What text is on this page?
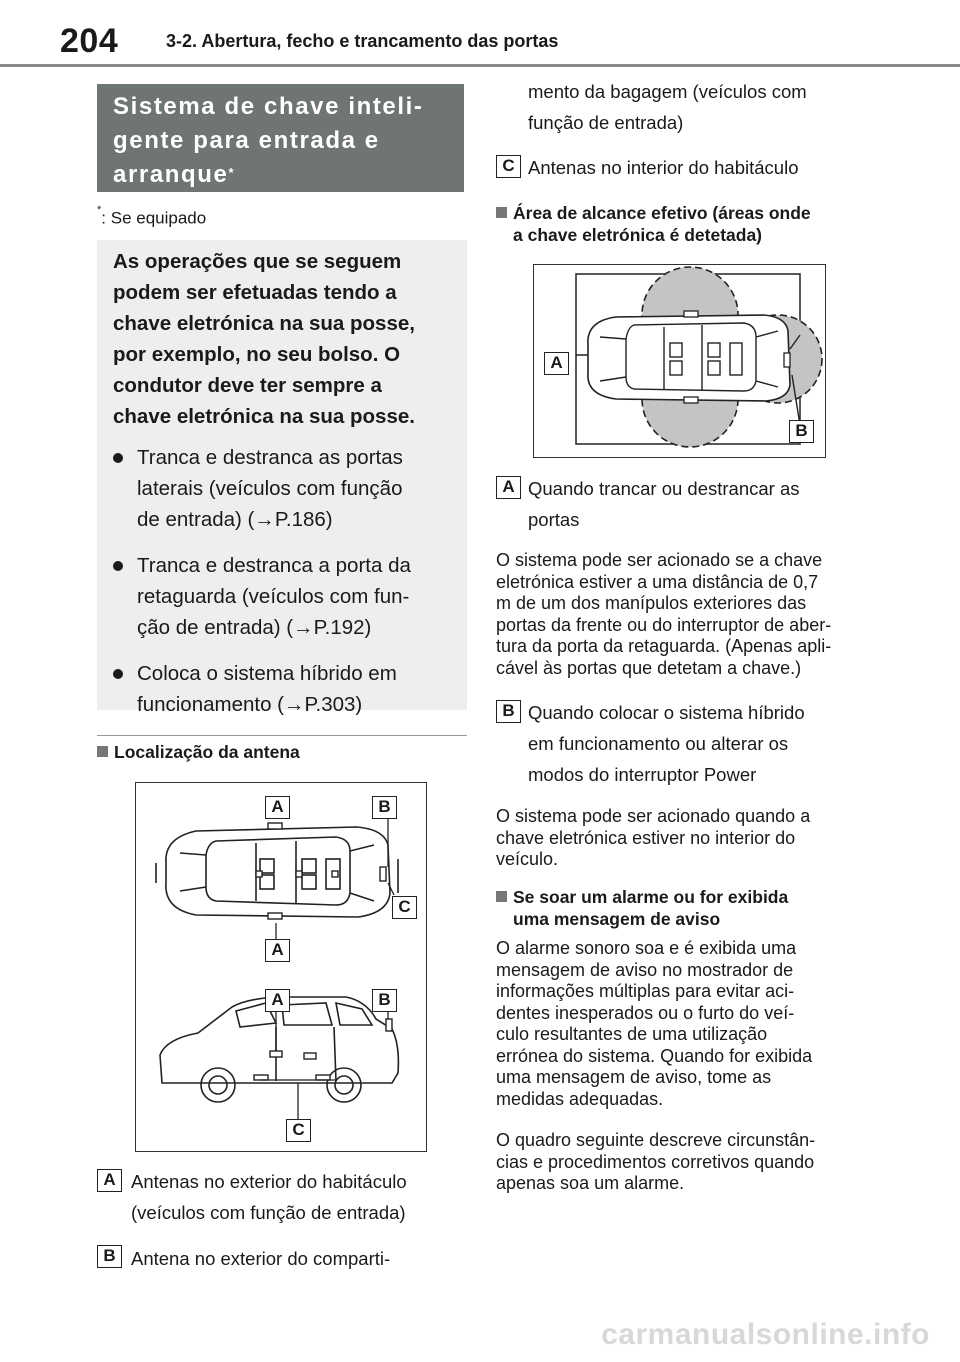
204	3-2. Abertura, fecho e trancamento das portas
Sistema de chave inteli-
gente para entrada e
arranque*
*: Se equipado
As operações que se seguem
podem ser efetuadas tendo a
chave eletrónica na sua posse,
por exemplo, no seu bolso. O
condutor deve ter sempre a
chave eletrónica na sua posse.
Tranca e destranca as portas
laterais (veículos com função
de entrada) (→P.186)
Tranca e destranca a porta da
retaguarda (veículos com fun-
ção de entrada) (→P.192)
Coloca o sistema híbrido em
funcionamento (→P.303)
Localização da antena
A	B
C
A
A	B
C
A Antenas no exterior do habitáculo
(veículos com função de entrada)
B Antena no exterior do comparti-
mento da bagagem (veículos com
função de entrada)
C Antenas no interior do habitáculo
Área de alcance efetivo (áreas onde
a chave eletrónica é detetada)
A
B
A Quando trancar ou destrancar as
portas
O sistema pode ser acionado se a chave
eletrónica estiver a uma distância de 0,7
m de um dos manípulos exteriores das
portas da frente ou do interruptor de aber-
tura da porta da retaguarda. (Apenas apli-
cável às portas que detetam a chave.)
B Quando colocar o sistema híbrido
em funcionamento ou alterar os
modos do interruptor Power
O sistema pode ser acionado quando a
chave eletrónica estiver no interior do
veículo.
Se soar um alarme ou for exibida
uma mensagem de aviso
O alarme sonoro soa e é exibida uma
mensagem de aviso no mostrador de
informações múltiplas para evitar aci-
dentes inesperados ou o furto do veí-
culo resultantes de uma utilização
errónea do sistema. Quando for exibida
uma mensagem de aviso, tome as
medidas adequadas.
O quadro seguinte descreve circunstân-
cias e procedimentos corretivos quando
apenas soa um alarme.
carmanualsonline.info
